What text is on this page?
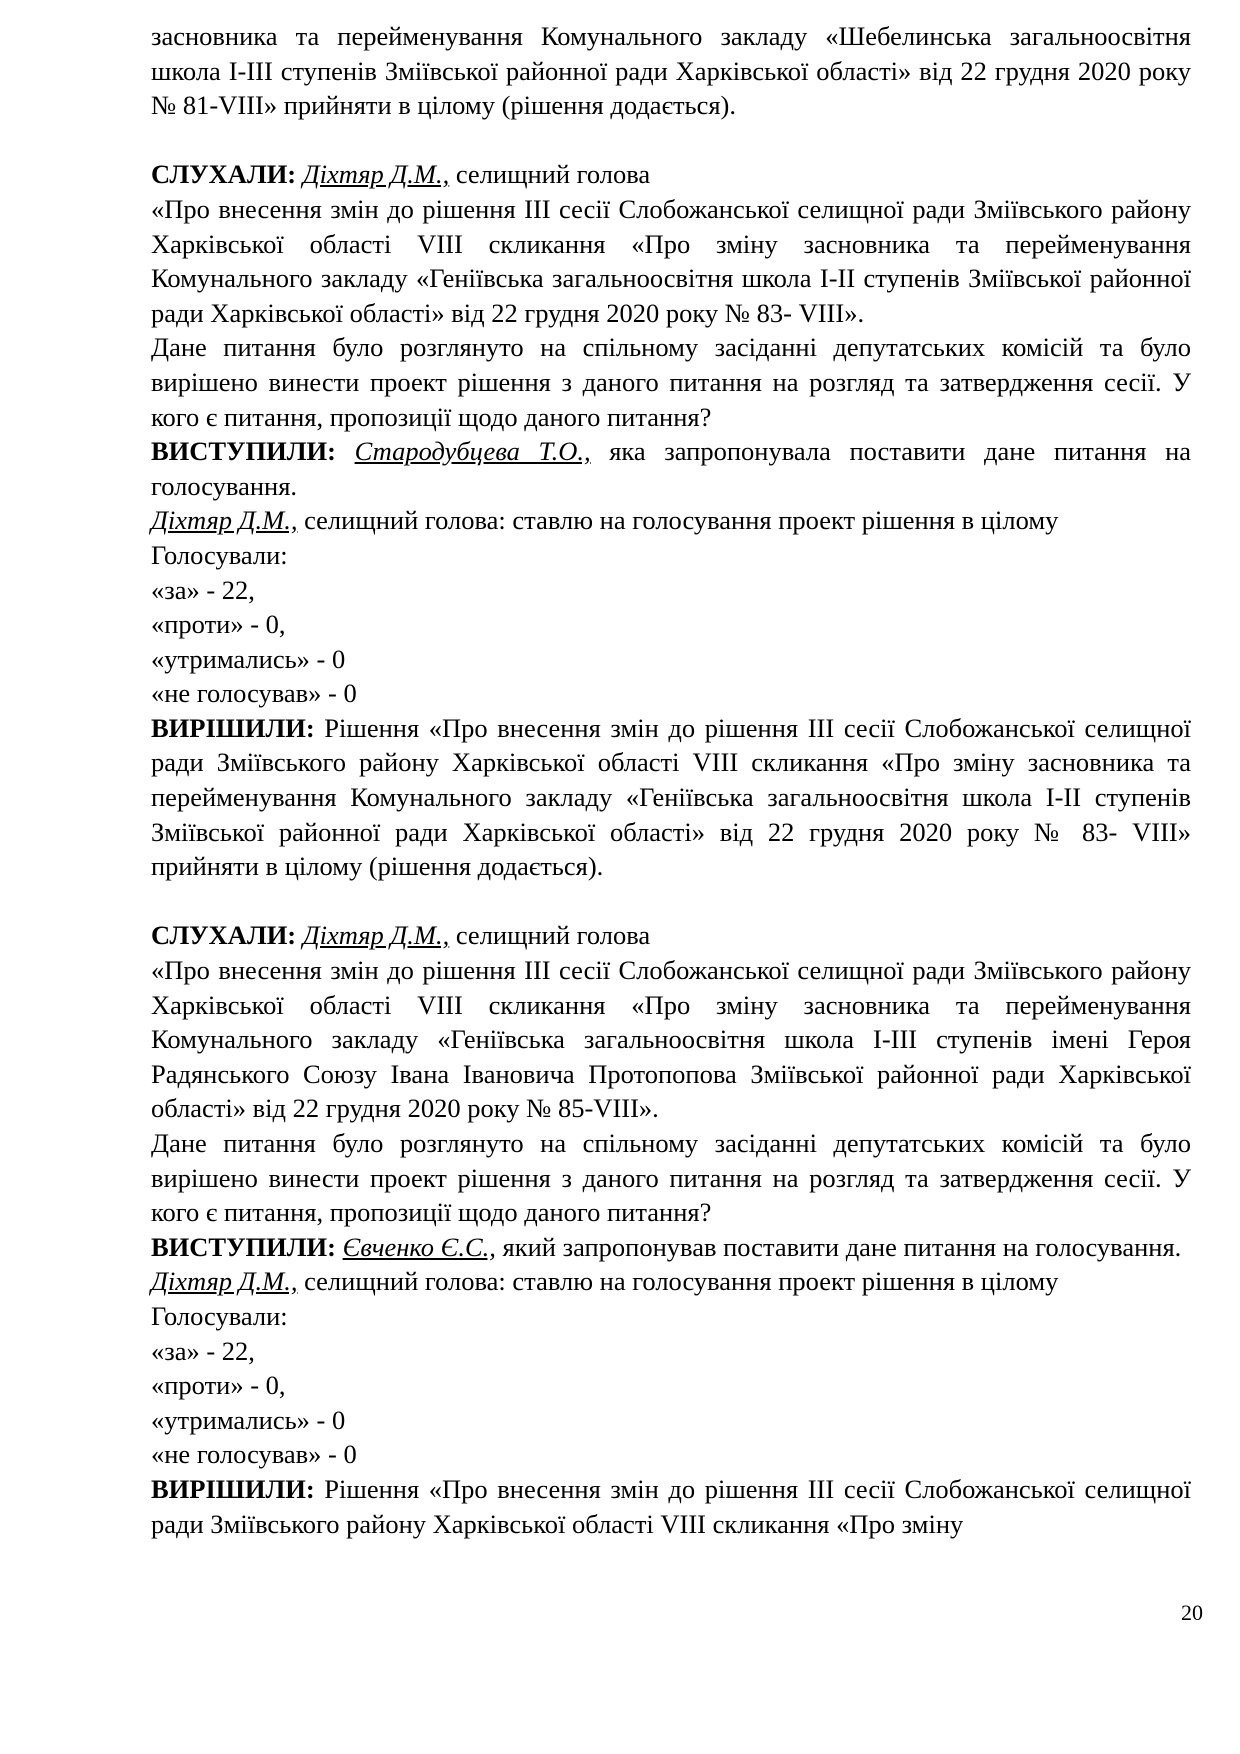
засновника та перейменування Комунального закладу «Шебелинська загальноосвітня школа І-ІІІ ступенів Зміївської районної ради Харківської області» від 22 грудня 2020 року № 81-VIII» прийняти в цілому (рішення додається).

СЛУХАЛИ: Діхтяр Д.М., селищний голова

«Про внесення змін до рішення ІІІ сесії Слобожанської селищної ради Зміївського району Харківської області VIII скликання «Про зміну засновника та перейменування Комунального закладу «Геніївська загальноосвітня школа І-ІІ ступенів Зміївської районної ради Харківської області» від 22 грудня 2020 року № 83- VIII».

Дане питання було розглянуто на спільному засіданні депутатських комісій та було вирішено винести проект рішення з даного питання на розгляд та затвердження сесії. У кого є питання, пропозиції щодо даного питання?

ВИСТУПИЛИ: Стародубцева Т.О., яка запропонувала поставити дане питання на голосування.

Діхтяр Д.М., селищний голова: ставлю на голосування проект рішення в цілому

Голосували:

«за» - 22,

«проти» - 0,

«утримались» - 0

«не голосував» - 0

ВИРІШИЛИ: Рішення «Про внесення змін до рішення ІІІ сесії Слобожанської селищної ради Зміївського району Харківської області VIII скликання «Про зміну засновника та перейменування Комунального закладу «Геніївська загальноосвітня школа І-ІІ ступенів Зміївської районної ради Харківської області» від 22 грудня 2020 року № 83- VIII» прийняти в цілому (рішення додається).

СЛУХАЛИ: Діхтяр Д.М., селищний голова

«Про внесення змін до рішення ІІІ сесії Слобожанської селищної ради Зміївського району Харківської області VIII скликання «Про зміну засновника та перейменування Комунального закладу «Геніївська загальноосвітня школа І-ІІІ ступенів імені Героя Радянського Союзу Івана Івановича Протопопова Зміївської районної ради Харківської області» від 22 грудня 2020 року № 85-VIII».

Дане питання було розглянуто на спільному засіданні депутатських комісій та було вирішено винести проект рішення з даного питання на розгляд та затвердження сесії. У кого є питання, пропозиції щодо даного питання?

ВИСТУПИЛИ: Євченко Є.С., який запропонував поставити дане питання на голосування.

Діхтяр Д.М., селищний голова: ставлю на голосування проект рішення в цілому

Голосували:

«за» - 22,

«проти» - 0,

«утримались» - 0

«не голосував» - 0

ВИРІШИЛИ: Рішення «Про внесення змін до рішення ІІІ сесії Слобожанської селищної ради Зміївського району Харківської області VIII скликання «Про зміну

20
